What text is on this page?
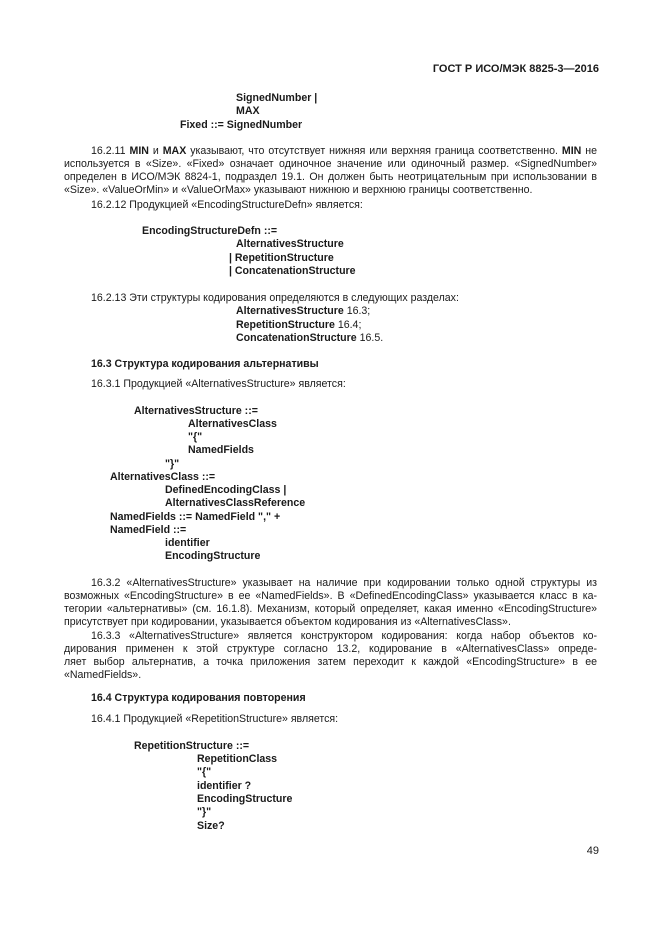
ГОСТ Р ИСО/МЭК 8825-3—2016
SignedNumber |
MAX
Fixed ::= SignedNumber
16.2.11 MIN и MAX указывают, что отсутствует нижняя или верхняя граница соответственно. MIN не
используется в «Size». «Fixed» означает одиночное значение или одиночный размер. «SignedNumber»
определен в ИСО/МЭК 8824-1, подраздел 19.1. Он должен быть неотрицательным при использовании в
«Size». «ValueOrMin» и «ValueOrMax» указывают нижнюю и верхнюю границы соответственно.
16.2.12 Продукцией «EncodingStructureDefn» является:
EncodingStructureDefn ::=
AlternativesStructure
| RepetitionStructure
| ConcatenationStructure
16.2.13 Эти структуры кодирования определяются в следующих разделах:
AlternativesStructure 16.3;
RepetitionStructure 16.4;
ConcatenationStructure 16.5.
16.3 Структура кодирования альтернативы
16.3.1 Продукцией «AlternativesStructure» является:
AlternativesStructure ::=
AlternativesClass
"{"
NamedFields
"}"
AlternativesClass ::=
DefinedEncodingClass |
AlternativesClassReference
NamedFields ::= NamedField "," +
NamedField ::=
identifier
EncodingStructure
16.3.2 «AlternativesStructure» указывает на наличие при кодировании только одной структуры из
возможных «EncodingStructure» в ее «NamedFields». В «DefinedEncodingClass» указывается класс в ка-
тегории «альтернативы» (см. 16.1.8). Механизм, который определяет, какая именно «EncodingStructure»
присутствует при кодировании, указывается объектом кодирования из «AlternativesClass».
16.3.3 «AlternativesStructure» является конструктором кодирования: когда набор объектов ко-
дирования применен к этой структуре согласно 13.2, кодирование в «AlternativesClass» опреде-
ляет выбор альтернатив, а точка приложения затем переходит к каждой «EncodingStructure» в ее
«NamedFields».
16.4 Структура кодирования повторения
16.4.1 Продукцией «RepetitionStructure» является:
RepetitionStructure ::=
RepetitionClass
"{"
identifier ?
EncodingStructure
"}"
Size?
49
